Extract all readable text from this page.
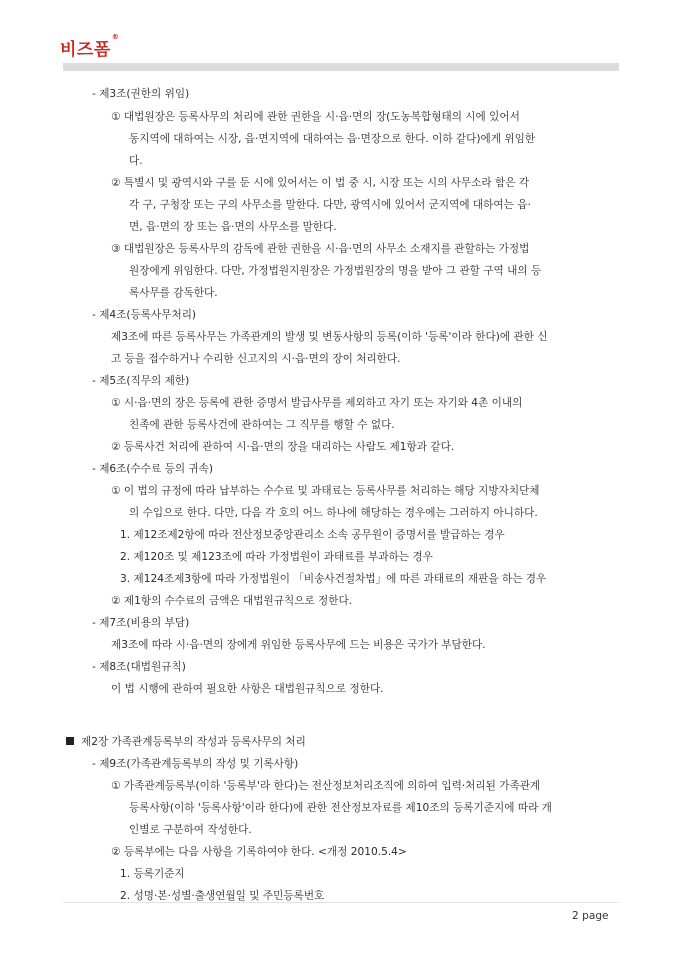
비즈폼®
- 제3조(권한의 위임)
① 대법원장은 등록사무의 처리에 관한 권한을 시·읍·면의 장(도농복합형태의 시에 있어서
동지역에 대하여는 시장, 읍·면지역에 대하여는 읍·면장으로 한다. 이하 같다)에게 위임한
다.
② 특별시 및 광역시와 구를 둔 시에 있어서는 이 법 중 시, 시장 또는 시의 사무소라 함은 각
각 구, 구청장 또는 구의 사무소를 말한다. 다만, 광역시에 있어서 군지역에 대하여는 읍·
면, 읍·면의 장 또는 읍·면의 사무소를 말한다.
③ 대법원장은 등록사무의 감독에 관한 권한을 시·읍·면의 사무소 소재지를 관할하는 가정법
원장에게 위임한다. 다만, 가정법원지원장은 가정법원장의 명을 받아 그 관할 구역 내의 등
록사무를 감독한다.
- 제4조(등록사무처리)
제3조에 따른 등록사무는 가족관계의 발생 및 변동사항의 등록(이하 '등록'이라 한다)에 관한 신
고 등을 접수하거나 수리한 신고지의 시·읍·면의 장이 처리한다.
- 제5조(직무의 제한)
① 시·읍·면의 장은 등록에 관한 증명서 발급사무를 제외하고 자기 또는 자기와 4촌 이내의
친족에 관한 등록사건에 관하여는 그 직무를 행할 수 없다.
② 등록사건 처리에 관하여 시·읍·면의 장을 대리하는 사람도 제1항과 같다.
- 제6조(수수료 등의 귀속)
① 이 법의 규정에 따라 납부하는 수수료 및 과태료는 등록사무를 처리하는 해당 지방자치단체
의 수입으로 한다. 다만, 다음 각 호의 어느 하나에 해당하는 경우에는 그러하지 아니하다.
1. 제12조제2항에 따라 전산정보중앙관리소 소속 공무원이 증명서를 발급하는 경우
2. 제120조 및 제123조에 따라 가정법원이 과태료를 부과하는 경우
3. 제124조제3항에 따라 가정법원이 「비송사건절차법」에 따른 과태료의 재판을 하는 경우
② 제1항의 수수료의 금액은 대법원규칙으로 정한다.
- 제7조(비용의 부담)
제3조에 따라 시·읍·면의 장에게 위임한 등록사무에 드는 비용은 국가가 부담한다.
- 제8조(대법원규칙)
이 법 시행에 관하여 필요한 사항은 대법원규칙으로 정한다.
제2장 가족관계등록부의 작성과 등록사무의 처리
- 제9조(가족관계등록부의 작성 및 기록사항)
① 가족관계등록부(이하 '등록부'라 한다)는 전산정보처리조직에 의하여 입력·처리된 가족관계
등록사항(이하 '등록사항'이라 한다)에 관한 전산정보자료를 제10조의 등록기준지에 따라 개
인별로 구분하여 작성한다.
② 등록부에는 다음 사항을 기록하여야 한다. <개정 2010.5.4>
1. 등록기준지
2. 성명·본·성별·출생연월일 및 주민등록번호
2 page
